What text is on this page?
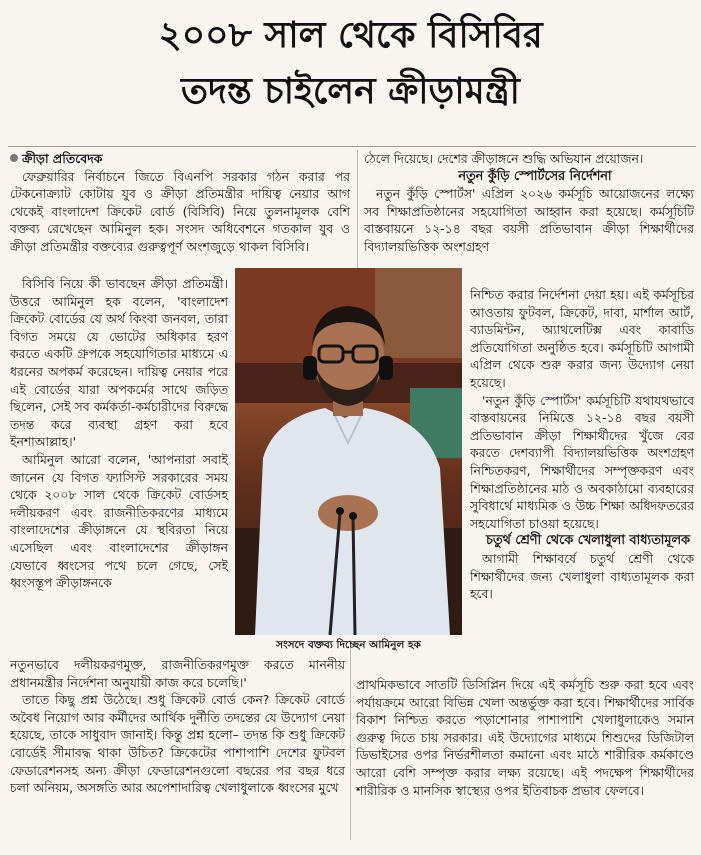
২০০৮ সাল থেকে বিসিবির
তদন্ত চাইলেন ক্রীড়ামন্ত্রী

ক্রীড়া প্রতিবেদক

ফেব্রুয়ারির নির্বাচনে জিতে বিএনপি সরকার গঠন করার পর টেকনোক্র্যাট কোটায় যুব ও ক্রীড়া প্রতিমন্ত্রীর দায়িত্ব নেয়ার আগ থেকেই বাংলাদেশ ক্রিকেট বোর্ড (বিসিবি) নিয়ে তুলনামূলক বেশি বক্তব্য রেখেছেন আমিনুল হক। সংসদ অধিবেশনে গতকাল যুব ও ক্রীড়া প্রতিমন্ত্রীর বক্তব্যের গুরুত্বপূর্ণ অংশজুড়ে থাকল বিসিবি।

বিসিবি নিয়ে কী ভাবছেন ক্রীড়া প্রতিমন্ত্রী। উত্তরে আমিনুল হক বলেন, 'বাংলাদেশ ক্রিকেট বোর্ডের যে অর্থ কিংবা জনবল, তারা বিগত সময়ে যে ভোটের অধিকার হরণ করতে একটি গ্রুপকে সহযোগিতার মাধ্যমে এ ধরনের অপকর্ম করেছেন। দায়িত্ব নেয়ার পরে এই বোর্ডের যারা অপকর্মের সাথে জড়িত ছিলেন, সেই সব কর্মকর্তা-কর্মচারীদের বিরুদ্ধে তদন্ত করে ব্যবস্থা গ্রহণ করা হবে ইনশাআল্লাহ।'

আমিনুল আরো বলেন, 'আপনারা সবাই জানেন যে বিগত ফ্যাসিস্ট সরকারের সময় থেকে ২০০৮ সাল থেকে ক্রিকেট বোর্ডসহ দলীয়করণ এবং রাজনীতিকরণের মাধ্যমে বাংলাদেশের ক্রীড়াঙ্গনে যে স্থবিরতা নিয়ে এসেছিল এবং বাংলাদেশের ক্রীড়াঙ্গন যেভাবে ধ্বংসের পথে চলে গেছে, সেই ধ্বংসস্তূপ ক্রীড়াঙ্গনকে

নতুনভাবে দলীয়করণমুক্ত, রাজনীতিকরণমুক্ত করতে মাননীয় প্রধানমন্ত্রীর নির্দেশনা অনুযায়ী কাজ করে চলেছি।'

তাতে কিছু প্রশ্ন উঠেছে। শুধু ক্রিকেট বোর্ড কেন? ক্রিকেট বোর্ডে অবৈধ নিয়োগ আর কর্মীদের আর্থিক দুর্নীতি তদন্তের যে উদ্যোগ নেয়া হয়েছে, তাকে সাধুবাদ জানাই। কিন্তু প্রশ্ন হলো– তদন্ত কি শুধু ক্রিকেট বোর্ডেই সীমাবদ্ধ থাকা উচিত? ক্রিকেটের পাশাপাশি দেশের ফুটবল ফেডারেশনসহ অন্য ক্রীড়া ফেডারেশনগুলো বছরের পর বছর ধরে চলা অনিয়ম, অসঙ্গতি আর অপেশাদারিত্ব খেলাধুলাকে ধ্বংসের মুখে

ঠেলে দিয়েছে। দেশের ক্রীড়াঙ্গনে শুদ্ধি অভিযান প্রয়োজন।

নতুন কুঁড়ি স্পোর্টসের নির্দেশনা

নতুন কুঁড়ি স্পোর্টস' এপ্রিল ২০২৬ কর্মসূচি আয়োজনের লক্ষ্যে সব শিক্ষাপ্রতিষ্ঠানের সহযোগিতা আহ্বান করা হয়েছে। কর্মসূচিটি বাস্তবায়নে ১২-১৪ বছর বয়সী প্রতিভাবান ক্রীড়া শিক্ষার্থীদের বিদ্যালয়ভিত্তিক অংশগ্রহণ

নিশ্চিত করার নির্দেশনা দেয়া হয়। এই কর্মসূচির আওতায় ফুটবল, ক্রিকেট, দাবা, মার্শাল আর্ট, ব্যাডমিন্টন, অ্যাথলেটিক্স এবং কাবাডি প্রতিযোগিতা অনুষ্ঠিত হবে। কর্মসূচিটি আগামী এপ্রিল থেকে শুরু করার জন্য উদ্যোগ নেয়া হয়েছে।

'নতুন কুঁড়ি স্পোর্টস' কর্মসূচিটি যথাযথভাবে বাস্তবায়নের নিমিত্তে ১২-১৪ বছর বয়সী প্রতিভাবান ক্রীড়া শিক্ষার্থীদের খুঁজে বের করতে দেশব্যাপী বিদ্যালয়ভিত্তিক অংশগ্রহণ নিশ্চিতকরণ, শিক্ষার্থীদের সম্পৃক্তকরণ এবং শিক্ষাপ্রতিষ্ঠানের মাঠ ও অবকাঠামো ব্যবহারের সুবিধার্থে মাধ্যমিক ও উচ্চ শিক্ষা অধিদফতরের সহযোগিতা চাওয়া হয়েছে।

চতুর্থ শ্রেণী থেকে খেলাধুলা বাধ্যতামূলক

আগামী শিক্ষাবর্ষে চতুর্থ শ্রেণী থেকে শিক্ষার্থীদের জন্য খেলাধুলা বাধ্যতামূলক করা হবে।

প্রাথমিকভাবে সাতটি ডিসিপ্লিন দিয়ে এই কর্মসূচি শুরু করা হবে এবং পর্যায়ক্রমে আরো বিভিন্ন খেলা অন্তর্ভুক্ত করা হবে। শিক্ষার্থীদের সার্বিক বিকাশ নিশ্চিত করতে পড়াশোনার পাশাপাশি খেলাধুলাকেও সমান গুরুত্ব দিতে চায় সরকার। এই উদ্যোগের মাধ্যমে শিশুদের ডিজিটাল ডিভাইসের ওপর নির্ভরশীলতা কমানো এবং মাঠে শারীরিক কর্মকাণ্ডে আরো বেশি সম্পৃক্ত করার লক্ষ্য রয়েছে। এই পদক্ষেপ শিক্ষার্থীদের শারীরিক ও মানসিক স্বাস্থ্যের ওপর ইতিবাচক প্রভাব ফেলবে।

সংসদে বক্তব্য দিচ্ছেন আমিনুল হক
